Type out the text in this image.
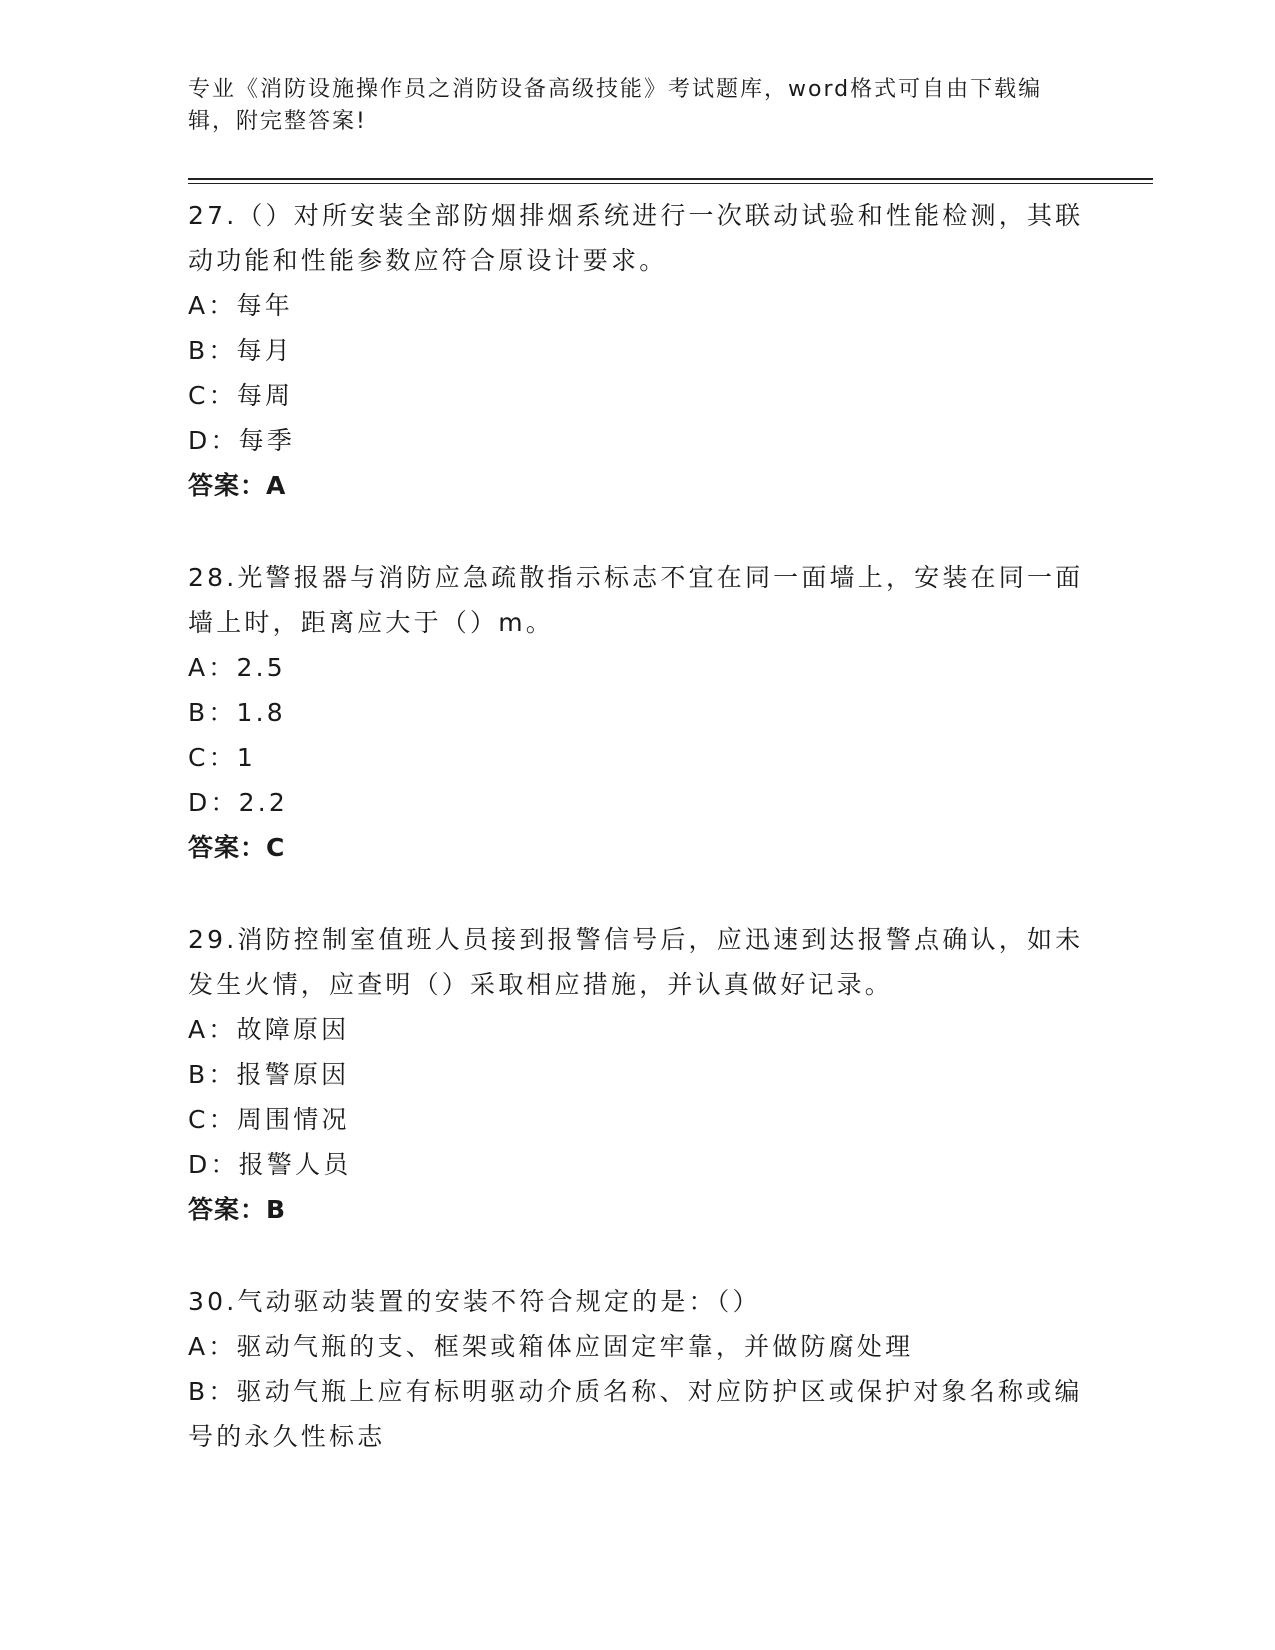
专业《消防设施操作员之消防设备高级技能》考试题库，word格式可自由下载编辑，附完整答案!
27.（）对所安装全部防烟排烟系统进行一次联动试验和性能检测，其联动功能和性能参数应符合原设计要求。
A：每年
B：每月
C：每周
D：每季
答案：A
28.光警报器与消防应急疏散指示标志不宜在同一面墙上，安装在同一面墙上时，距离应大于（）m。
A：2.5
B：1.8
C：1
D：2.2
答案：C
29.消防控制室值班人员接到报警信号后，应迅速到达报警点确认，如未发生火情，应查明（）采取相应措施，并认真做好记录。
A：故障原因
B：报警原因
C：周围情况
D：报警人员
答案：B
30.气动驱动装置的安装不符合规定的是：（）
A：驱动气瓶的支、框架或箱体应固定牢靠，并做防腐处理
B：驱动气瓶上应有标明驱动介质名称、对应防护区或保护对象名称或编号的永久性标志
